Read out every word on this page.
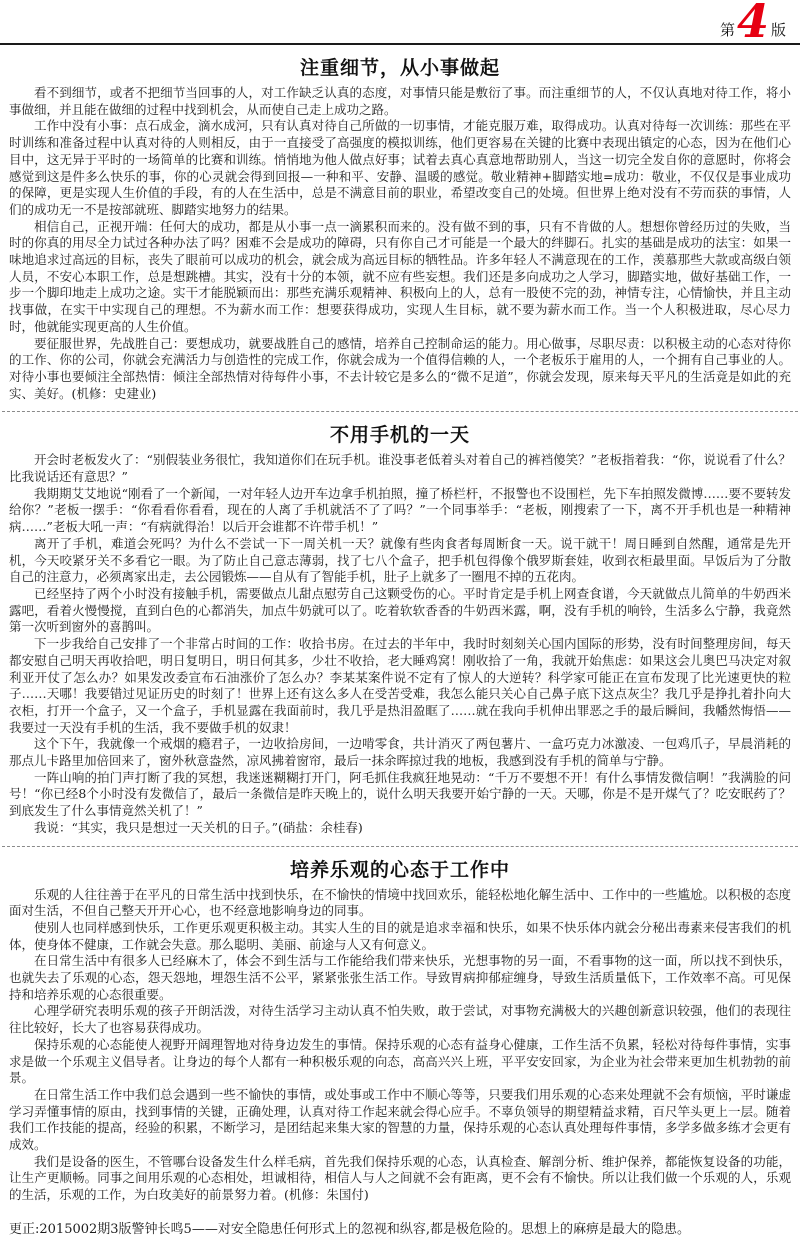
第 4 版
注重细节，从小事做起

看不到细节，或者不把细节当回事的人，对工作缺乏认真的态度，对事情只能是敷衍了事。而注重细节的人，不仅认真地对待工作，将小事做细，并且能在做细的过程中找到机会，从而使自己走上成功之路。

工作中没有小事：点石成金，滴水成河，只有认真对待自己所做的一切事情，才能克服万难，取得成功。认真对待每一次训练：那些在平时训练和准备过程中认真对待的人则相反，由于一直接受了高强度的模拟训练，他们更容易在关键的比赛中表现出镇定的心态，因为在他们心目中，这无异于平时的一场简单的比赛和训练。悄悄地为他人做点好事；试着去真心真意地帮助别人，当这一切完全发自你的意愿时，你将会感觉到这是件多么快乐的事，你的心灵就会得到回报—一种和平、安静、温暖的感觉。敬业精神+脚踏实地=成功：敬业，不仅仅是事业成功的保障，更是实现人生价值的手段，有的人在生活中，总是不满意目前的职业，希望改变自己的处境。但世界上绝对没有不劳而获的事情，人们的成功无一不是按部就班、脚踏实地努力的结果。

相信自己，正视开端：任何大的成功，都是从小事一点一滴累积而来的。没有做不到的事，只有不肯做的人。想想你曾经历过的失败，当时的你真的用尽全力试过各种办法了吗？困难不会是成功的障碍，只有你自己才可能是一个最大的绊脚石。扎实的基础是成功的法宝：如果一味地追求过高远的目标，丧失了眼前可以成功的机会，就会成为高远目标的牺牲品。许多年轻人不满意现在的工作，羡慕那些大款或高级白领人员，不安心本职工作，总是想跳槽。其实，没有十分的本领，就不应有些妄想。我们还是多向成功之人学习，脚踏实地，做好基础工作，一步一个脚印地走上成功之途。实干才能脱颖而出：那些充满乐观精神、积极向上的人，总有一股使不完的劲，神情专注，心情愉快，并且主动找事做，在实干中实现自己的理想。不为薪水而工作：想要获得成功，实现人生目标，就不要为薪水而工作。当一个人积极进取，尽心尽力时，他就能实现更高的人生价值。

要征服世界，先战胜自己：要想成功，就要战胜自己的感情，培养自己控制命运的能力。用心做事，尽职尽责：以积极主动的心态对待你的工作、你的公司，你就会充满活力与创造性的完成工作，你就会成为一个值得信赖的人，一个老板乐于雇用的人，一个拥有自己事业的人。对待小事也要倾注全部热情：倾注全部热情对待每件小事，不去计较它是多么的“微不足道”，你就会发现，原来每天平凡的生活竟是如此的充实、美好。(机修：史建业)

不用手机的一天

开会时老板发火了：“别假装业务很忙，我知道你们在玩手机。谁没事老低着头对着自己的裤裆傻笑？”老板指着我：“你，说说看了什么？比我说话还有意思？”

我期期艾艾地说“刚看了一个新闻，一对年轻人边开车边拿手机拍照，撞了桥栏杆，不报警也不设围栏，先下车拍照发微博……要不要转发给你？”老板一摆手：“你看看你看看，现在的人离了手机就活不了了吗？”一个同事举手：“老板，刚搜索了一下，离不开手机也是一种精神病……”老板大吼一声：“有病就得治！以后开会谁都不许带手机！”

离开了手机，难道会死吗？为什么不尝试一下一周关机一天？就像有些肉食者每周断食一天。说干就干！周日睡到自然醒，通常是先开机，今天咬紧牙关不多看它一眼。为了防止自己意志薄弱，找了七八个盒子，把手机包得像个俄罗斯套娃，收到衣柜最里面。早饭后为了分散自己的注意力，必须离家出走，去公园锻炼——自从有了智能手机，肚子上就多了一圈甩不掉的五花肉。

已经坚持了两个小时没有接触手机，需要做点儿甜点慰劳自己这颗受伤的心。平时肯定是手机上网查食谱，今天就做点儿简单的牛奶西米露吧，看着火慢慢搅，直到白色的心都消失，加点牛奶就可以了。吃着软软香香的牛奶西米露，啊，没有手机的响铃，生活多么宁静，我竟然第一次听到窗外的喜鹊叫。

下一步我给自己安排了一个非常占时间的工作：收拾书房。在过去的半年中，我时时刻刻关心国内国际的形势，没有时间整理房间，每天都安慰自己明天再收拾吧，明日复明日，明日何其多，少壮不收拾，老大睡鸡窝！刚收拾了一角，我就开始焦虑：如果这会儿奥巴马决定对叙利亚开仗了怎么办？如果发改委宣布石油涨价了怎么办？李某某案件说不定有了惊人的大逆转？科学家可能正在宣布发现了比光速更快的粒子……天哪！我要错过见证历史的时刻了！世界上还有这么多人在受苦受难，我怎么能只关心自己鼻子底下这点灰尘？我几乎是挣扎着扑向大衣柜，打开一个盒子，又一个盒子，手机显露在我面前时，我几乎是热泪盈眶了……就在我向手机伸出罪恶之手的最后瞬间，我幡然悔悟——我要过一天没有手机的生活，我不要做手机的奴隶！

这个下午，我就像一个戒烟的瘾君子，一边收拾房间，一边啃零食，共计消灭了两包薯片、一盒巧克力冰激凌、一包鸡爪子，早晨消耗的那点儿卡路里加倍回来了，窗外秋意盎然，凉风拂着窗帘，最后一抹余晖掠过我的地板，我感到没有手机的简单与宁静。

一阵山响的拍门声打断了我的冥想，我迷迷糊糊打开门，阿毛抓住我疯狂地晃动：“千万不要想不开！有什么事情发微信啊！”我满脸的问号！“你已经8个小时没有发微信了，最后一条微信是昨天晚上的，说什么明天我要开始宁静的一天。天哪，你是不是开煤气了？吃安眠药了？到底发生了什么事情竟然关机了！”

我说：“其实，我只是想过一天关机的日子。”(硝盐：余桂春)

培养乐观的心态于工作中

乐观的人往往善于在平凡的日常生活中找到快乐，在不愉快的情境中找回欢乐，能轻松地化解生活中、工作中的一些尴尬。以积极的态度面对生活，不但自己整天开开心心，也不经意地影响身边的同事。

使别人也同样感到快乐，工作更乐观更积极主动。其实人生的目的就是追求幸福和快乐，如果不快乐体内就会分秘出毒素来侵害我们的机体，使身体不健康，工作就会失意。那么聪明、美丽、前途与人又有何意义。

在日常生活中有很多人已经麻木了，体会不到生活与工作能给我们带来快乐，光想事物的另一面，不看事物的这一面，所以找不到快乐，也就失去了乐观的心态，怨天怨地，埋怨生活不公平，紧紧张张生活工作。导致胃病抑郁症缠身，导致生活质量低下，工作效率不高。可见保持和培养乐观的心态很重要。

心理学研究表明乐观的孩子开朗活泼，对待生活学习主动认真不怕失败，敢于尝试，对事物充满极大的兴趣创新意识较强，他们的表现往往比较好，长大了也容易获得成功。

保持乐观的心态能使人视野开阔理智地对待身边发生的事情。保持乐观的心态有益身心健康，工作生活不负累，轻松对待每件事情，实事求是做一个乐观主义倡导者。让身边的每个人都有一种积极乐观的向态，高高兴兴上班，平平安安回家，为企业为社会带来更加生机勃勃的前景。

在日常生活工作中我们总会遇到一些不愉快的事情，或处事或工作中不顺心等等，只要我们用乐观的心态来处理就不会有烦恼，平时谦虚学习弄懂事情的原由，找到事情的关键，正确处理，认真对待工作起来就会得心应手。不辜负领导的期望精益求精，百尺竿头更上一层。随着我们工作技能的提高，经验的积累，不断学习，是团结起来集大家的智慧的力量，保持乐观的心态认真处理每件事情，多学多做多练才会更有成效。

我们是设备的医生，不管哪台设备发生什么样毛病，首先我们保持乐观的心态，认真检查、解剖分析、维护保养，都能恢复设备的功能，让生产更顺畅。同事之间用乐观的心态相处，坦诚相待，相信人与人之间就不会有距离，更不会有不愉快。所以让我们做一个乐观的人，乐观的生活，乐观的工作，为白玫美好的前景努力着。(机修：朱国付)

更正:2015002期3版警钟长鸣5——对安全隐患任何形式上的忽视和纵容,都是极危险的。思想上的麻痹是最大的隐患。
